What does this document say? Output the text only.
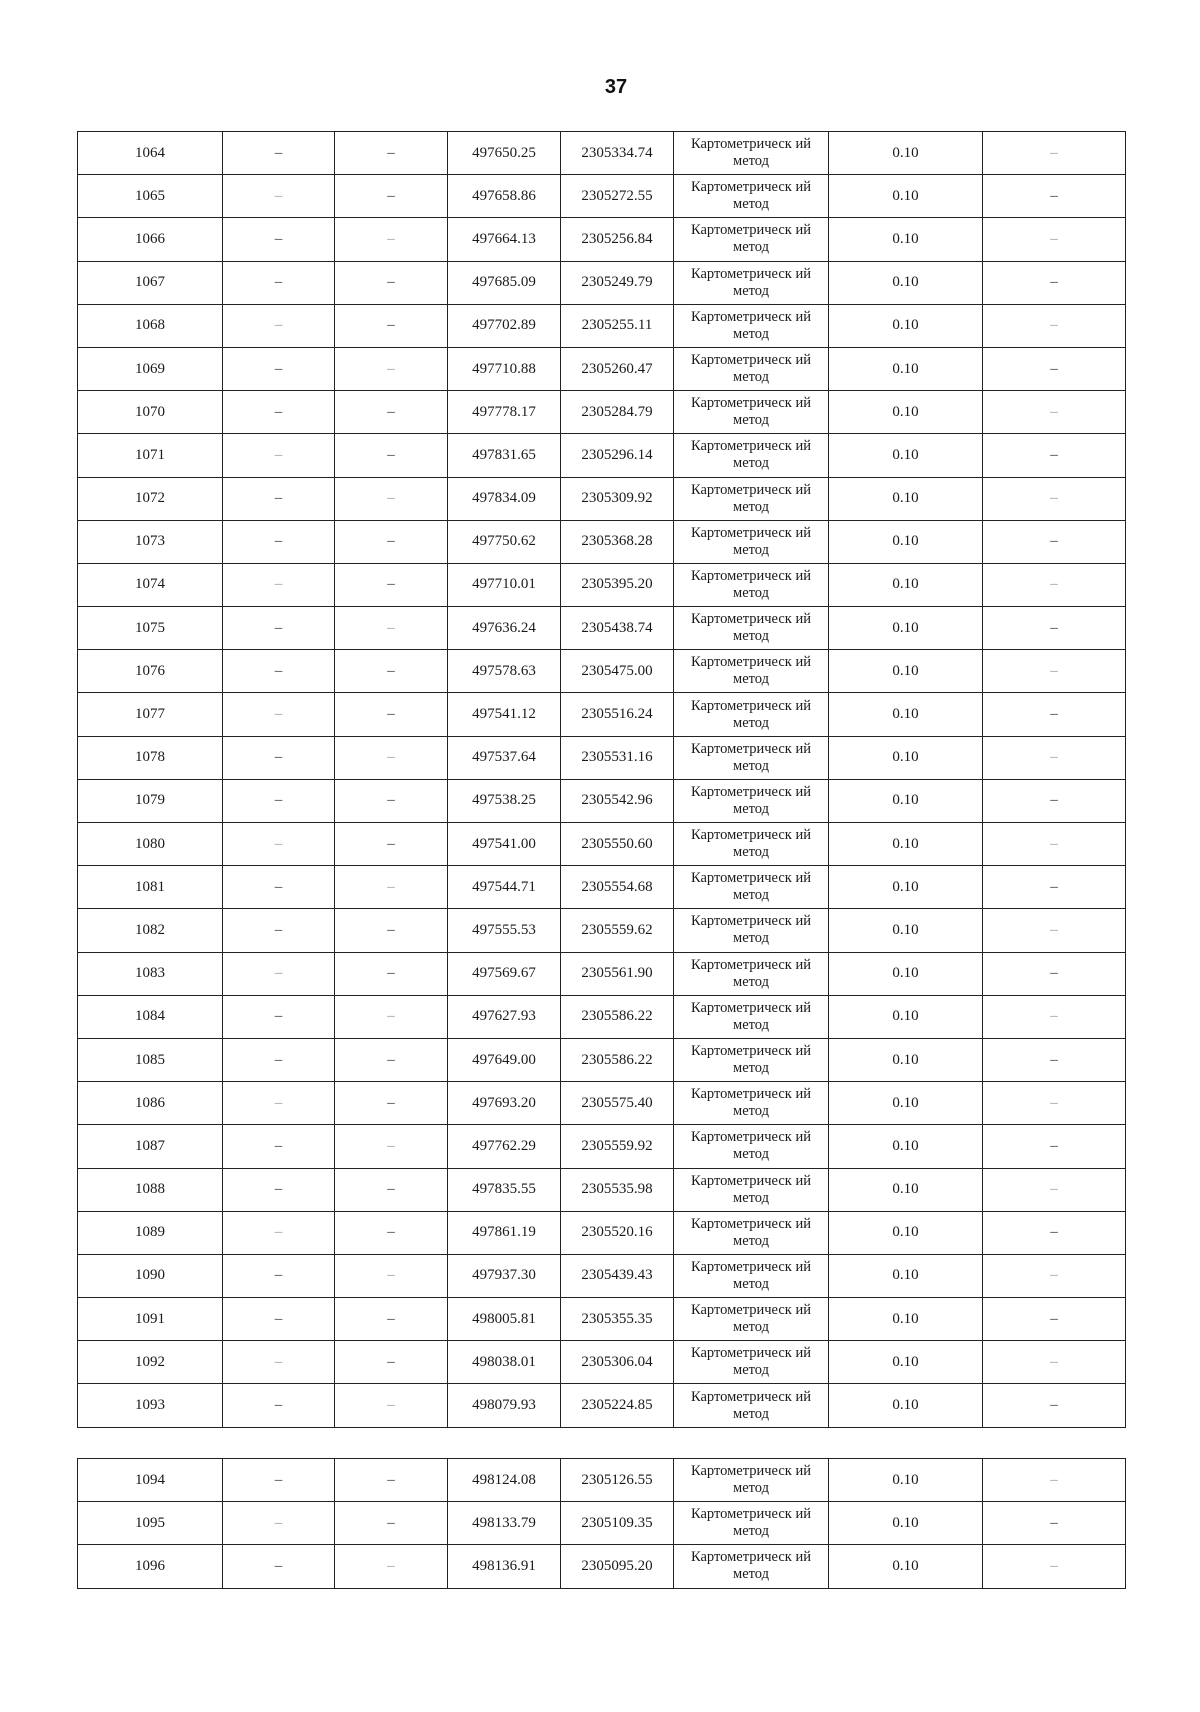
37
1064	–	–	497650.25	2305334.74	Картометрическ ий метод	0.10	–
1065	–	–	497658.86	2305272.55	Картометрическ ий метод	0.10	–
1066	–	–	497664.13	2305256.84	Картометрическ ий метод	0.10	–
1067	–	–	497685.09	2305249.79	Картометрическ ий метод	0.10	–
1068	–	–	497702.89	2305255.11	Картометрическ ий метод	0.10	–
1069	–	–	497710.88	2305260.47	Картометрическ ий метод	0.10	–
1070	–	–	497778.17	2305284.79	Картометрическ ий метод	0.10	–
1071	–	–	497831.65	2305296.14	Картометрическ ий метод	0.10	–
1072	–	–	497834.09	2305309.92	Картометрическ ий метод	0.10	–
1073	–	–	497750.62	2305368.28	Картометрическ ий метод	0.10	–
1074	–	–	497710.01	2305395.20	Картометрическ ий метод	0.10	–
1075	–	–	497636.24	2305438.74	Картометрическ ий метод	0.10	–
1076	–	–	497578.63	2305475.00	Картометрическ ий метод	0.10	–
1077	–	–	497541.12	2305516.24	Картометрическ ий метод	0.10	–
1078	–	–	497537.64	2305531.16	Картометрическ ий метод	0.10	–
1079	–	–	497538.25	2305542.96	Картометрическ ий метод	0.10	–
1080	–	–	497541.00	2305550.60	Картометрическ ий метод	0.10	–
1081	–	–	497544.71	2305554.68	Картометрическ ий метод	0.10	–
1082	–	–	497555.53	2305559.62	Картометрическ ий метод	0.10	–
1083	–	–	497569.67	2305561.90	Картометрическ ий метод	0.10	–
1084	–	–	497627.93	2305586.22	Картометрическ ий метод	0.10	–
1085	–	–	497649.00	2305586.22	Картометрическ ий метод	0.10	–
1086	–	–	497693.20	2305575.40	Картометрическ ий метод	0.10	–
1087	–	–	497762.29	2305559.92	Картометрическ ий метод	0.10	–
1088	–	–	497835.55	2305535.98	Картометрическ ий метод	0.10	–
1089	–	–	497861.19	2305520.16	Картометрическ ий метод	0.10	–
1090	–	–	497937.30	2305439.43	Картометрическ ий метод	0.10	–
1091	–	–	498005.81	2305355.35	Картометрическ ий метод	0.10	–
1092	–	–	498038.01	2305306.04	Картометрическ ий метод	0.10	–
1093	–	–	498079.93	2305224.85	Картометрическ ий метод	0.10	–
1094	–	–	498124.08	2305126.55	Картометрическ ий метод	0.10	–
1095	–	–	498133.79	2305109.35	Картометрическ ий метод	0.10	–
1096	–	–	498136.91	2305095.20	Картометрическ ий метод	0.10	–
